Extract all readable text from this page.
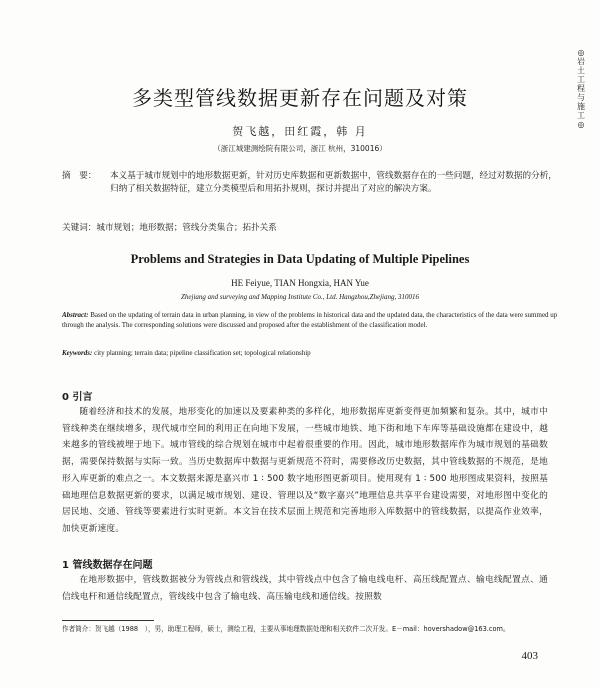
◎
岩
土
工
程
与
施
工
◎
多类型管线数据更新存在问题及对策
贺飞越，田红霞，韩 月
（浙江城建测绘院有限公司，浙江 杭州，310016）
摘　要：	本义基于城市规划中的地形数据更新，针对历史库数据和更新数据中，管线数据存在的一些问题，经过对数据的分析，归纳了相关数据特征，建立分类模型后和用拓扑规则，探讨并提出了对应的解决方案。
关键词：城市规划；地形数据；管线分类集合；拓扑关系
Problems and Strategies in Data Updating of Multiple Pipelines
HE Feiyue, TIAN Hongxia, HAN Yue
Zhejiang and surveying and Mapping Institute Co., Ltd. Hangzhou,Zhejiang, 310016
Abstract: Based on the updating of terrain data in urban planning, in view of the problems in historical data and the updated data, the characteristics of the data were summed up through the analysis. The corresponding solutions were discussed and proposed after the establishment of the classification model.
Keywords: city planning; terrain data; pipeline classification set; topological relationship
0 引言
随着经济和技术的发展，地形变化的加速以及要素种类的多样化，地形数据库更新变得更加频繁和复杂。其中，城市中管线种类在继续增多，现代城市空间的利用正在向地下发展，一些城市地铁、地下街和地下车库等基础设施都在建设中，越来越多的管线被埋于地下。城市管线的综合规划在城市中起着很重要的作用。因此，城市地形数据库作为城市规划的基础数据，需要保持数据与实际一致。当历史数据库中数据与更新规范不符时，需要修改历史数据，其中管线数据的不规范，是地形入库更新的难点之一。本文数据来源是嘉兴市 1 ∶ 500 数字地形图更新项目。使用现有 1 ∶ 500 地形图成果资料，按照基础地理信息数据更新的要求，以满足城市规划、建设、管理以及“数字嘉兴”地理信息共享平台建设需要，对地形图中变化的居民地、交通、管线等要素进行实时更新。本文旨在技术层面上规范和完善地形入库数据中的管线数据，以提高作业效率，加快更新速度。
1 管线数据存在问题
在地形数据中，管线数据被分为管线点和管线线，其中管线点中包含了输电线电杆、高压线配置点、输电线配置点、通信线电杆和通信线配置点，管线线中包含了输电线、高压输电线和通信线。按照数
作者简介：贺飞越（1988　），男，助理工程师，硕士，测绘工程，主要从事地理数据处理和相关软件二次开发。E－mail：hovershadow@163.com。
403
